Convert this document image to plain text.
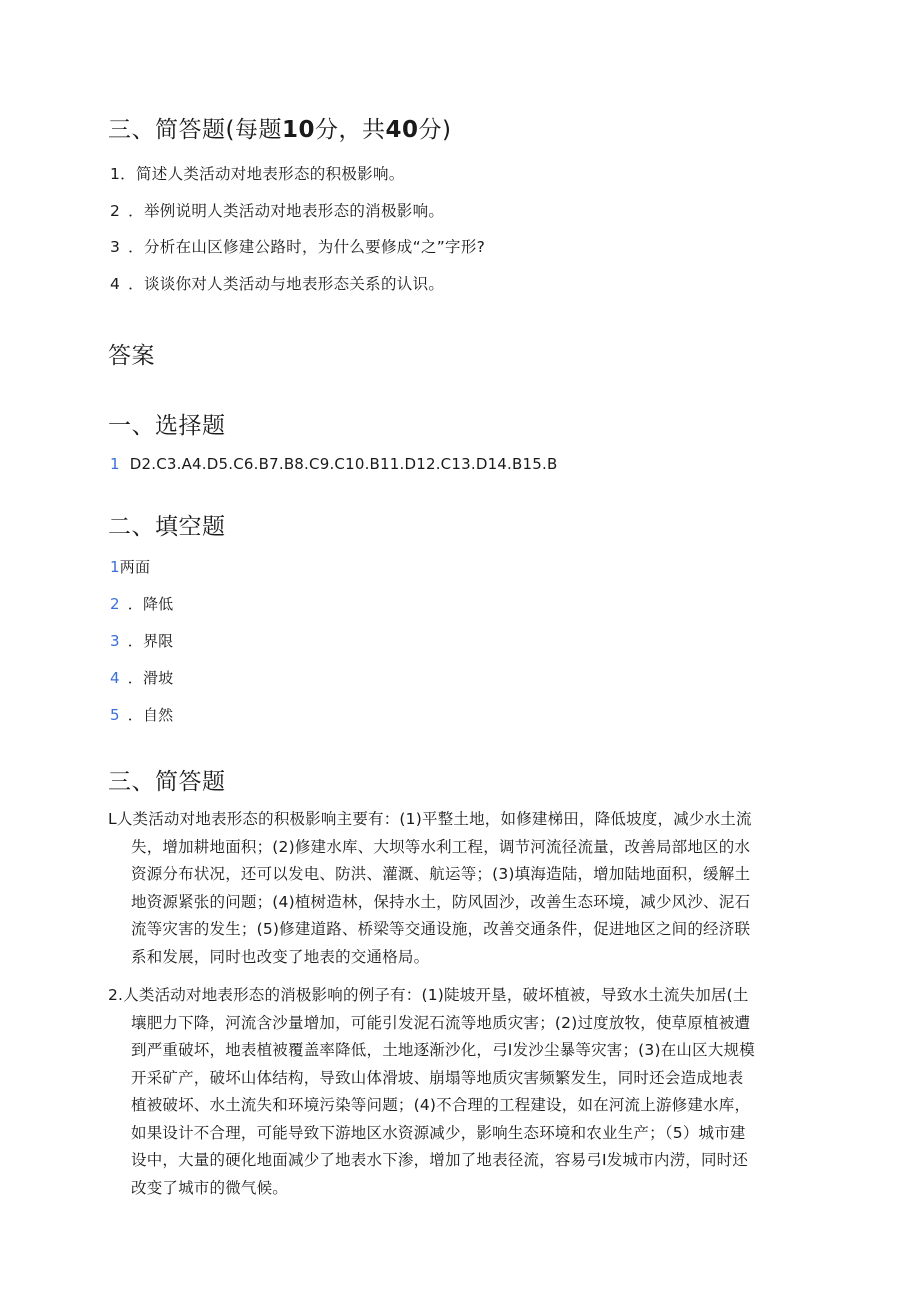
三、简答题(每题10分，共40分)
1．简述人类活动对地表形态的积极影响。
2 ．举例说明人类活动对地表形态的消极影响。
3 ．分析在山区修建公路时，为什么要修成“之”字形?
4 ．谈谈你对人类活动与地表形态关系的认识。
答案
一、选择题
1 D2.C3.A4.D5.C6.B7.B8.C9.C10.B11.D12.C13.D14.B15.B
二、填空题
1两面
2 ．降低
3 ．界限
4 ．滑坡
5 ．自然
三、简答题
L人类活动对地表形态的积极影响主要有：(1)平整土地，如修建梯田，降低坡度，减少水土流
失，增加耕地面积；(2)修建水库、大坝等水利工程，调节河流径流量，改善局部地区的水
资源分布状况，还可以发电、防洪、灌溉、航运等；(3)填海造陆，增加陆地面积，缓解土
地资源紧张的问题；(4)植树造林，保持水土，防风固沙，改善生态环境，减少风沙、泥石
流等灾害的发生；(5)修建道路、桥梁等交通设施，改善交通条件，促进地区之间的经济联
系和发展，同时也改变了地表的交通格局。
2.人类活动对地表形态的消极影响的例子有：(1)陡坡开垦，破坏植被，导致水土流失加居(土
壤肥力下降，河流含沙量增加，可能引发泥石流等地质灾害；(2)过度放牧，使草原植被遭
到严重破坏，地表植被覆盖率降低，土地逐渐沙化，弓I发沙尘暴等灾害；(3)在山区大规模
开采矿产，破坏山体结构，导致山体滑坡、崩塌等地质灾害频繁发生，同时还会造成地表
植被破坏、水土流失和环境污染等问题；(4)不合理的工程建设，如在河流上游修建水库，
如果设计不合理，可能导致下游地区水资源减少，影响生态环境和农业生产；（5）城市建
设中，大量的硬化地面减少了地表水下渗，增加了地表径流，容易弓I发城市内涝，同时还
改变了城市的微气候。
